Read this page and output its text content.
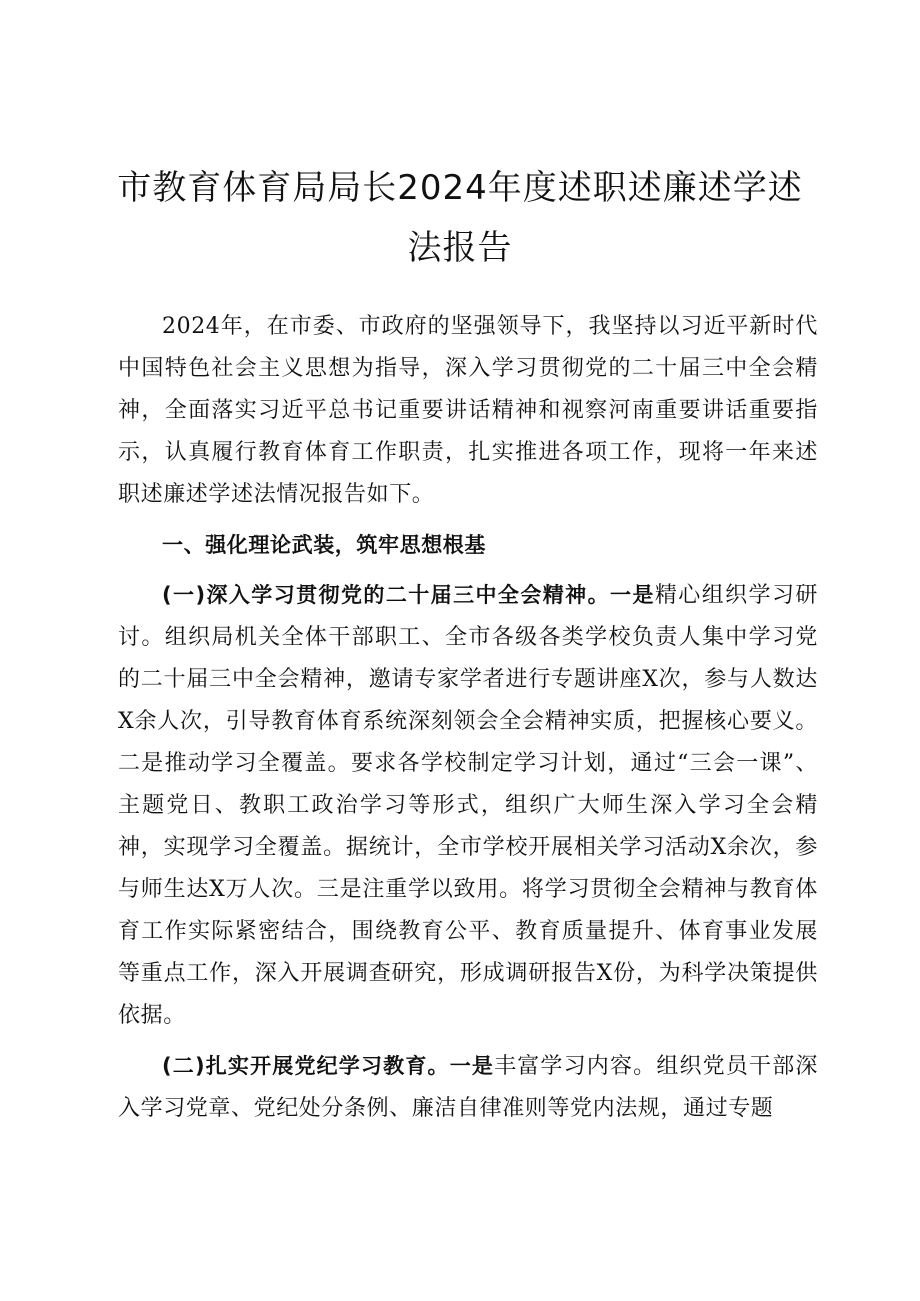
市教育体育局局长2024年度述职述廉述学述
法报告

2024年，在市委、市政府的坚强领导下，我坚持以习近平新时代中国特色社会主义思想为指导，深入学习贯彻党的二十届三中全会精神，全面落实习近平总书记重要讲话精神和视察河南重要讲话重要指示，认真履行教育体育工作职责，扎实推进各项工作，现将一年来述职述廉述学述法情况报告如下。

一、强化理论武装，筑牢思想根基

(一)深入学习贯彻党的二十届三中全会精神。一是精心组织学习研讨。组织局机关全体干部职工、全市各级各类学校负责人集中学习党的二十届三中全会精神，邀请专家学者进行专题讲座X次，参与人数达X余人次，引导教育体育系统深刻领会全会精神实质，把握核心要义。二是推动学习全覆盖。要求各学校制定学习计划，通过“三会一课”、主题党日、教职工政治学习等形式，组织广大师生深入学习全会精神，实现学习全覆盖。据统计，全市学校开展相关学习活动X余次，参与师生达X万人次。三是注重学以致用。将学习贯彻全会精神与教育体育工作实际紧密结合，围绕教育公平、教育质量提升、体育事业发展等重点工作，深入开展调查研究，形成调研报告X份，为科学决策提供依据。

(二)扎实开展党纪学习教育。一是丰富学习内容。组织党员干部深入学习党章、党纪处分条例、廉洁自律准则等党内法规，通过专题
